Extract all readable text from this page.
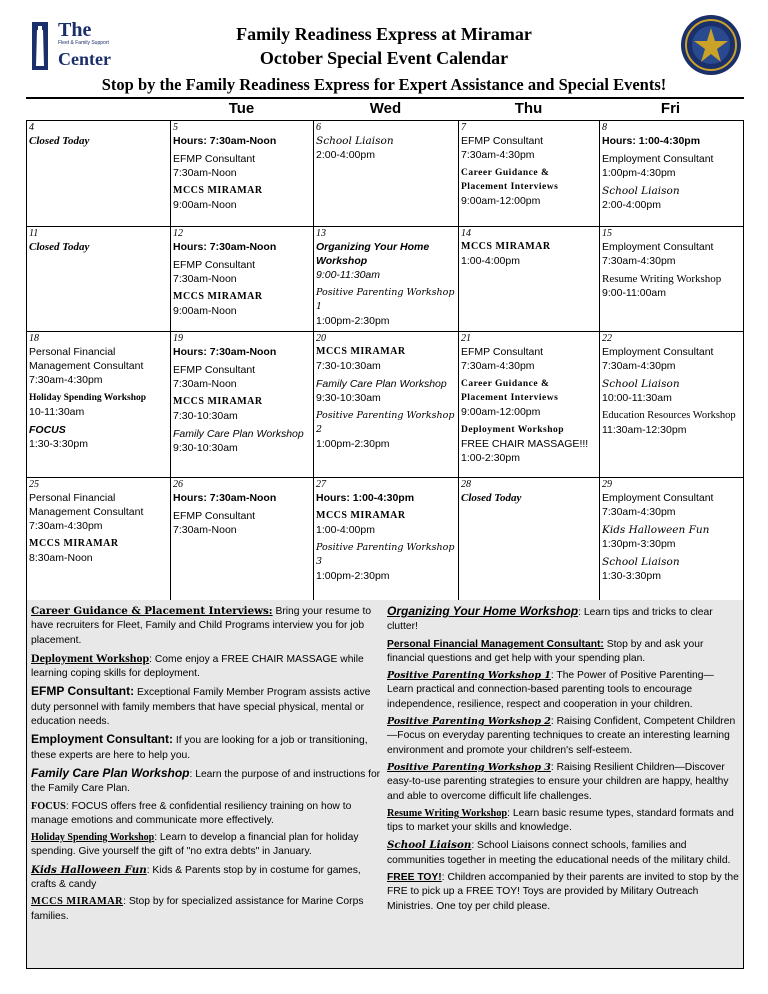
The
Fleet & Family Support
Center
Family Readiness Express at Miramar
October Special Event Calendar
Stop by the Family Readiness Express for Expert Assistance and Special Events!
Tue	Wed	Thu	Fri
4
Closed Today
5
Hours: 7:30am-Noon
EFMP Consultant
7:30am-Noon
MCCS MIRAMAR
9:00am-Noon
6
School Liaison
2:00-4:00pm
7
EFMP Consultant
7:30am-4:30pm
Career Guidance & Placement Interviews
9:00am-12:00pm
8
Hours: 1:00-4:30pm
Employment Consultant
1:00pm-4:30pm
School Liaison
2:00-4:00pm
11
Closed Today
12
Hours: 7:30am-Noon
EFMP Consultant
7:30am-Noon
MCCS MIRAMAR
9:00am-Noon
13
Organizing Your Home Workshop
9:00-11:30am
Positive Parenting Workshop 1
1:00pm-2:30pm
14
MCCS MIRAMAR
1:00-4:00pm
15
Employment Consultant
7:30am-4:30pm
Resume Writing Workshop
9:00-11:00am
18
Personal Financial Management Consultant
7:30am-4:30pm
Holiday Spending Workshop
10-11:30am
FOCUS
1:30-3:30pm
19
Hours: 7:30am-Noon
EFMP Consultant
7:30am-Noon
MCCS MIRAMAR
7:30-10:30am
Family Care Plan Workshop
9:30-10:30am
20
MCCS MIRAMAR
7:30-10:30am
Family Care Plan Workshop
9:30-10:30am
Positive Parenting Workshop 2
1:00pm-2:30pm
21
EFMP Consultant
7:30am-4:30pm
Career Guidance & Placement Interviews
9:00am-12:00pm
Deployment Workshop
FREE CHAIR MASSAGE!!!
1:00-2:30pm
22
Employment Consultant
7:30am-4:30pm
School Liaison
10:00-11:30am
Education Resources Workshop
11:30am-12:30pm
25
Personal Financial Management Consultant
7:30am-4:30pm
MCCS MIRAMAR
8:30am-Noon
26
Hours: 7:30am-Noon
EFMP Consultant
7:30am-Noon
27
Hours: 1:00-4:30pm
MCCS MIRAMAR
1:00-4:00pm
Positive Parenting Workshop 3
1:00pm-2:30pm
28
Closed Today
29
Employment Consultant
7:30am-4:30pm
Kids Halloween Fun
1:30pm-3:30pm
School Liaison
1:30-3:30pm

Career Guidance & Placement Interviews: Bring your resume to have recruiters for Fleet, Family and Child Programs interview you for job placement.

Deployment Workshop: Come enjoy a FREE CHAIR MASSAGE while learning coping skills for deployment.

EFMP Consultant: Exceptional Family Member Program assists active duty personnel with family members that have special physical, mental or education needs.

Employment Consultant: If you are looking for a job or transitioning, these experts are here to help you.

Family Care Plan Workshop: Learn the purpose of and instructions for the Family Care Plan.

FOCUS: FOCUS offers free & confidential resiliency training on how to manage emotions and communicate more effectively.

Holiday Spending Workshop: Learn to develop a financial plan for holiday spending. Give yourself the gift of "no extra debts" in January.

Kids Halloween Fun: Kids & Parents stop by in costume for games, crafts & candy

MCCS MIRAMAR: Stop by for specialized assistance for Marine Corps families.

Organizing Your Home Workshop: Learn tips and tricks to clear clutter!

Personal Financial Management Consultant: Stop by and ask your financial questions and get help with your spending plan.

Positive Parenting Workshop 1: The Power of Positive Parenting—Learn practical and connection-based parenting tools to encourage independence, resilience, respect and cooperation in your children.

Positive Parenting Workshop 2: Raising Confident, Competent Children—Focus on everyday parenting techniques to create an interesting learning environment and promote your children's self-esteem.

Positive Parenting Workshop 3: Raising Resilient Children—Discover easy-to-use parenting strategies to ensure your children are happy, healthy and able to overcome difficult life challenges.

Resume Writing Workshop: Learn basic resume types, standard formats and tips to market your skills and knowledge.

School Liaison: School Liaisons connect schools, families and communities together in meeting the educational needs of the military child.

FREE TOY!: Children accompanied by their parents are invited to stop by the FRE to pick up a FREE TOY! Toys are provided by Military Outreach Ministries. One toy per child please.
